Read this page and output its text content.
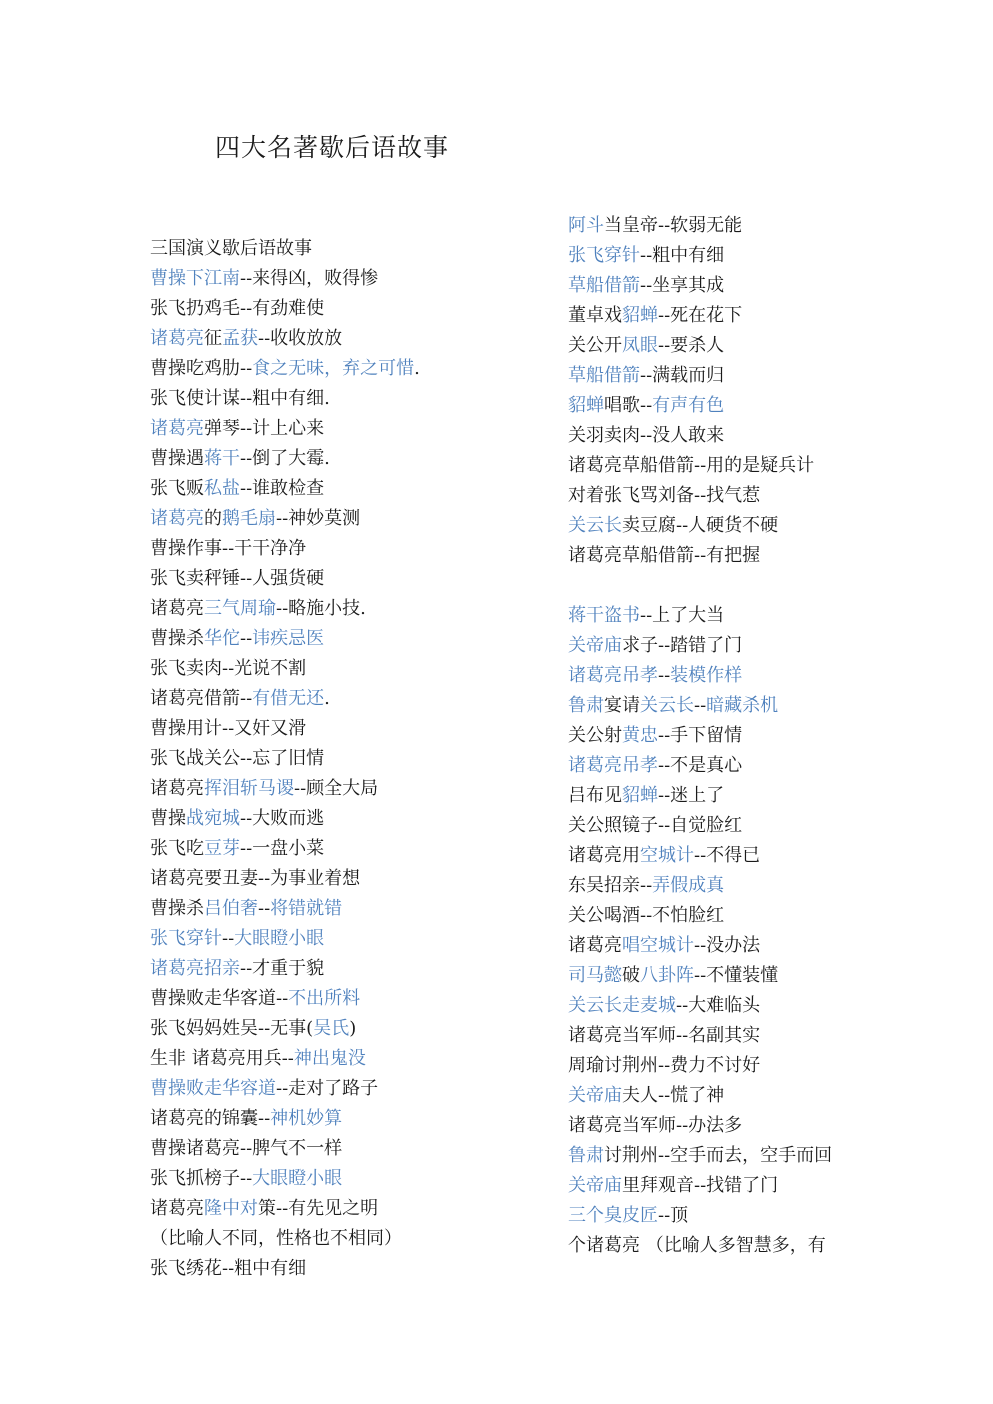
四大名著歇后语故事
三国演义歇后语故事
曹操下江南--来得凶，败得惨
张飞扔鸡毛--有劲难使
诸葛亮征孟获--收收放放
曹操吃鸡肋--食之无味，弃之可惜.
张飞使计谋--粗中有细.
诸葛亮弹琴--计上心来
曹操遇蒋干--倒了大霉.
张飞贩私盐--谁敢检查
诸葛亮的鹅毛扇--神妙莫测
曹操作事--干干净净
张飞卖秤锤--人强货硬
诸葛亮三气周瑜--略施小技.
曹操杀华佗--讳疾忌医
张飞卖肉--光说不割
诸葛亮借箭--有借无还.
曹操用计--又奸又滑
张飞战关公--忘了旧情
诸葛亮挥泪斩马谡--顾全大局
曹操战宛城--大败而逃
张飞吃豆芽--一盘小菜
诸葛亮要丑妻--为事业着想
曹操杀吕伯奢--将错就错
张飞穿针--大眼瞪小眼
诸葛亮招亲--才重于貌
曹操败走华客道--不出所料
张飞妈妈姓吴--无事(吴氏)
生非 诸葛亮用兵--神出鬼没
曹操败走华容道--走对了路子
诸葛亮的锦囊--神机妙算
曹操诸葛亮--脾气不一样
张飞抓榜子--大眼瞪小眼
诸葛亮隆中对策--有先见之明
（比喻人不同，性格也不相同）
张飞绣花--粗中有细
阿斗当皇帝--软弱无能
张飞穿针--粗中有细
草船借箭--坐享其成
董卓戏貂蝉--死在花下
关公开凤眼--要杀人
草船借箭--满载而归
貂蝉唱歌--有声有色
关羽卖肉--没人敢来
诸葛亮草船借箭--用的是疑兵计
对着张飞骂刘备--找气惹
关云长卖豆腐--人硬货不硬
诸葛亮草船借箭--有把握
蒋干盗书--上了大当
关帝庙求子--踏错了门
诸葛亮吊孝--装模作样
鲁肃宴请关云长--暗藏杀机
关公射黄忠--手下留情
诸葛亮吊孝--不是真心
吕布见貂蝉--迷上了
关公照镜子--自觉脸红
诸葛亮用空城计--不得已
东吴招亲--弄假成真
关公喝酒--不怕脸红
诸葛亮唱空城计--没办法
司马懿破八卦阵--不懂装懂
关云长走麦城--大难临头
诸葛亮当军师--名副其实
周瑜讨荆州--费力不讨好
关帝庙夫人--慌了神
诸葛亮当军师--办法多
鲁肃讨荆州--空手而去，空手而回
关帝庙里拜观音--找错了门
三个臭皮匠--顶
个诸葛亮 （比喻人多智慧多，有
